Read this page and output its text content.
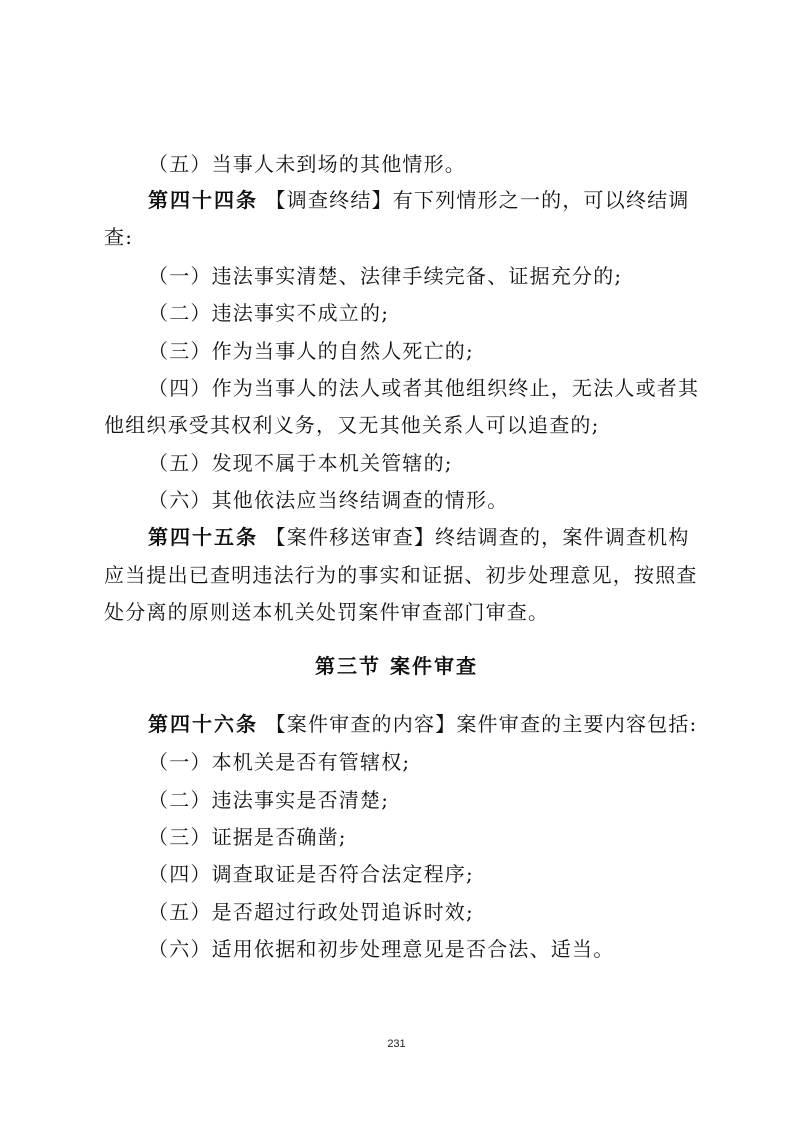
（五）当事人未到场的其他情形。
第四十四条 【调查终结】有下列情形之一的，可以终结调
查:
（一）违法事实清楚、法律手续完备、证据充分的;
（二）违法事实不成立的;
（三）作为当事人的自然人死亡的;
（四）作为当事人的法人或者其他组织终止，无法人或者其
他组织承受其权利义务，又无其他关系人可以追查的;
（五）发现不属于本机关管辖的;
（六）其他依法应当终结调查的情形。
第四十五条 【案件移送审查】终结调查的，案件调查机构
应当提出已查明违法行为的事实和证据、初步处理意见，按照查
处分离的原则送本机关处罚案件审查部门审查。
第三节 案件审查
第四十六条 【案件审查的内容】案件审查的主要内容包括:
（一）本机关是否有管辖权;
（二）违法事实是否清楚;
（三）证据是否确凿;
（四）调查取证是否符合法定程序;
（五）是否超过行政处罚追诉时效;
（六）适用依据和初步处理意见是否合法、适当。
231
